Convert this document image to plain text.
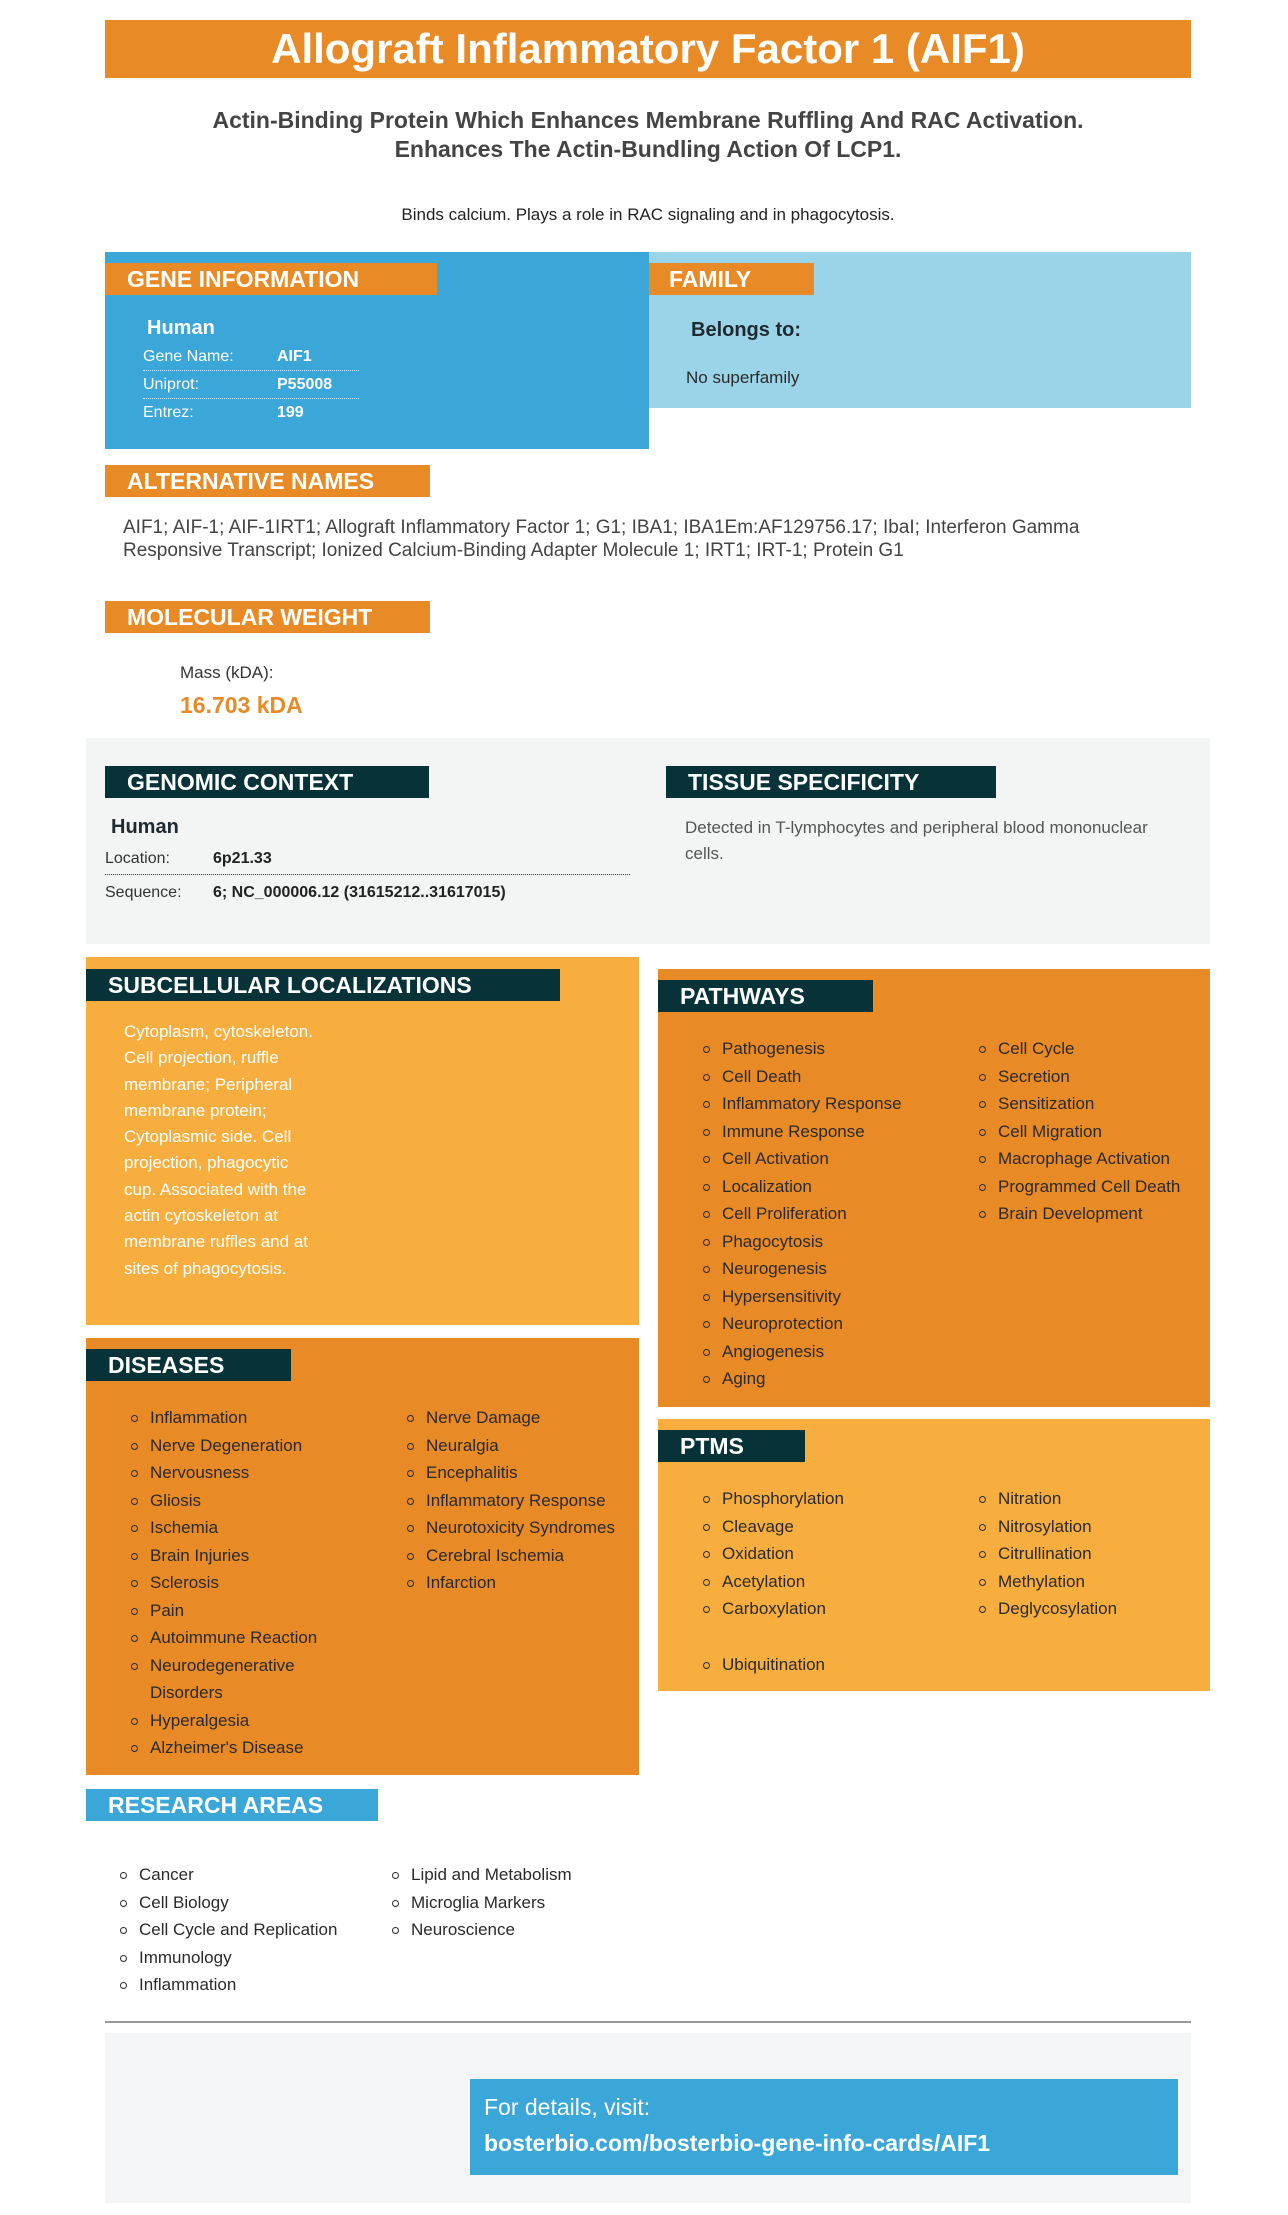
Allograft Inflammatory Factor 1 (AIF1)
Actin-Binding Protein Which Enhances Membrane Ruffling And RAC Activation.
Enhances The Actin-Bundling Action Of LCP1.
Binds calcium. Plays a role in RAC signaling and in phagocytosis.
GENE INFORMATION
Human
Gene Name:	AIF1
Uniprot:	P55008
Entrez:	199
FAMILY
Belongs to:
No superfamily
ALTERNATIVE NAMES
AIF1; AIF-1; AIF-1IRT1; Allograft Inflammatory Factor 1; G1; IBA1; IBA1Em:AF129756.17; IbaI; Interferon Gamma
Responsive Transcript; Ionized Calcium-Binding Adapter Molecule 1; IRT1; IRT-1; Protein G1
MOLECULAR WEIGHT
Mass (kDA):
16.703 kDA
GENOMIC CONTEXT
Human
Location:	6p21.33
Sequence: 6; NC_000006.12 (31615212..31617015)
TISSUE SPECIFICITY
Detected in T-lymphocytes and peripheral blood mononuclear
cells.
SUBCELLULAR LOCALIZATIONS
Cytoplasm, cytoskeleton.
Cell projection, ruffle
membrane; Peripheral
membrane protein;
Cytoplasmic side. Cell
projection, phagocytic
cup. Associated with the
actin cytoskeleton at
membrane ruffles and at
sites of phagocytosis.
PATHWAYS
Pathogenesis
Cell Death
Inflammatory Response
Immune Response
Cell Activation
Localization
Cell Proliferation
Phagocytosis
Neurogenesis
Hypersensitivity
Neuroprotection
Angiogenesis
Aging
Cell Cycle
Secretion
Sensitization
Cell Migration
Macrophage Activation
Programmed Cell Death
Brain Development
DISEASES
Inflammation
Nerve Degeneration
Nervousness
Gliosis
Ischemia
Brain Injuries
Sclerosis
Pain
Autoimmune Reaction
Neurodegenerative Disorders
Hyperalgesia
Alzheimer's Disease
Nerve Damage
Neuralgia
Encephalitis
Inflammatory Response
Neurotoxicity Syndromes
Cerebral Ischemia
Infarction
PTMS
Phosphorylation
Cleavage
Oxidation
Acetylation
Carboxylation
Nitration
Nitrosylation
Citrullination
Methylation
Deglycosylation
Ubiquitination
RESEARCH AREAS
Cancer
Cell Biology
Cell Cycle and Replication
Immunology
Inflammation
Lipid and Metabolism
Microglia Markers
Neuroscience
For details, visit:
bosterbio.com/bosterbio-gene-info-cards/AIF1
